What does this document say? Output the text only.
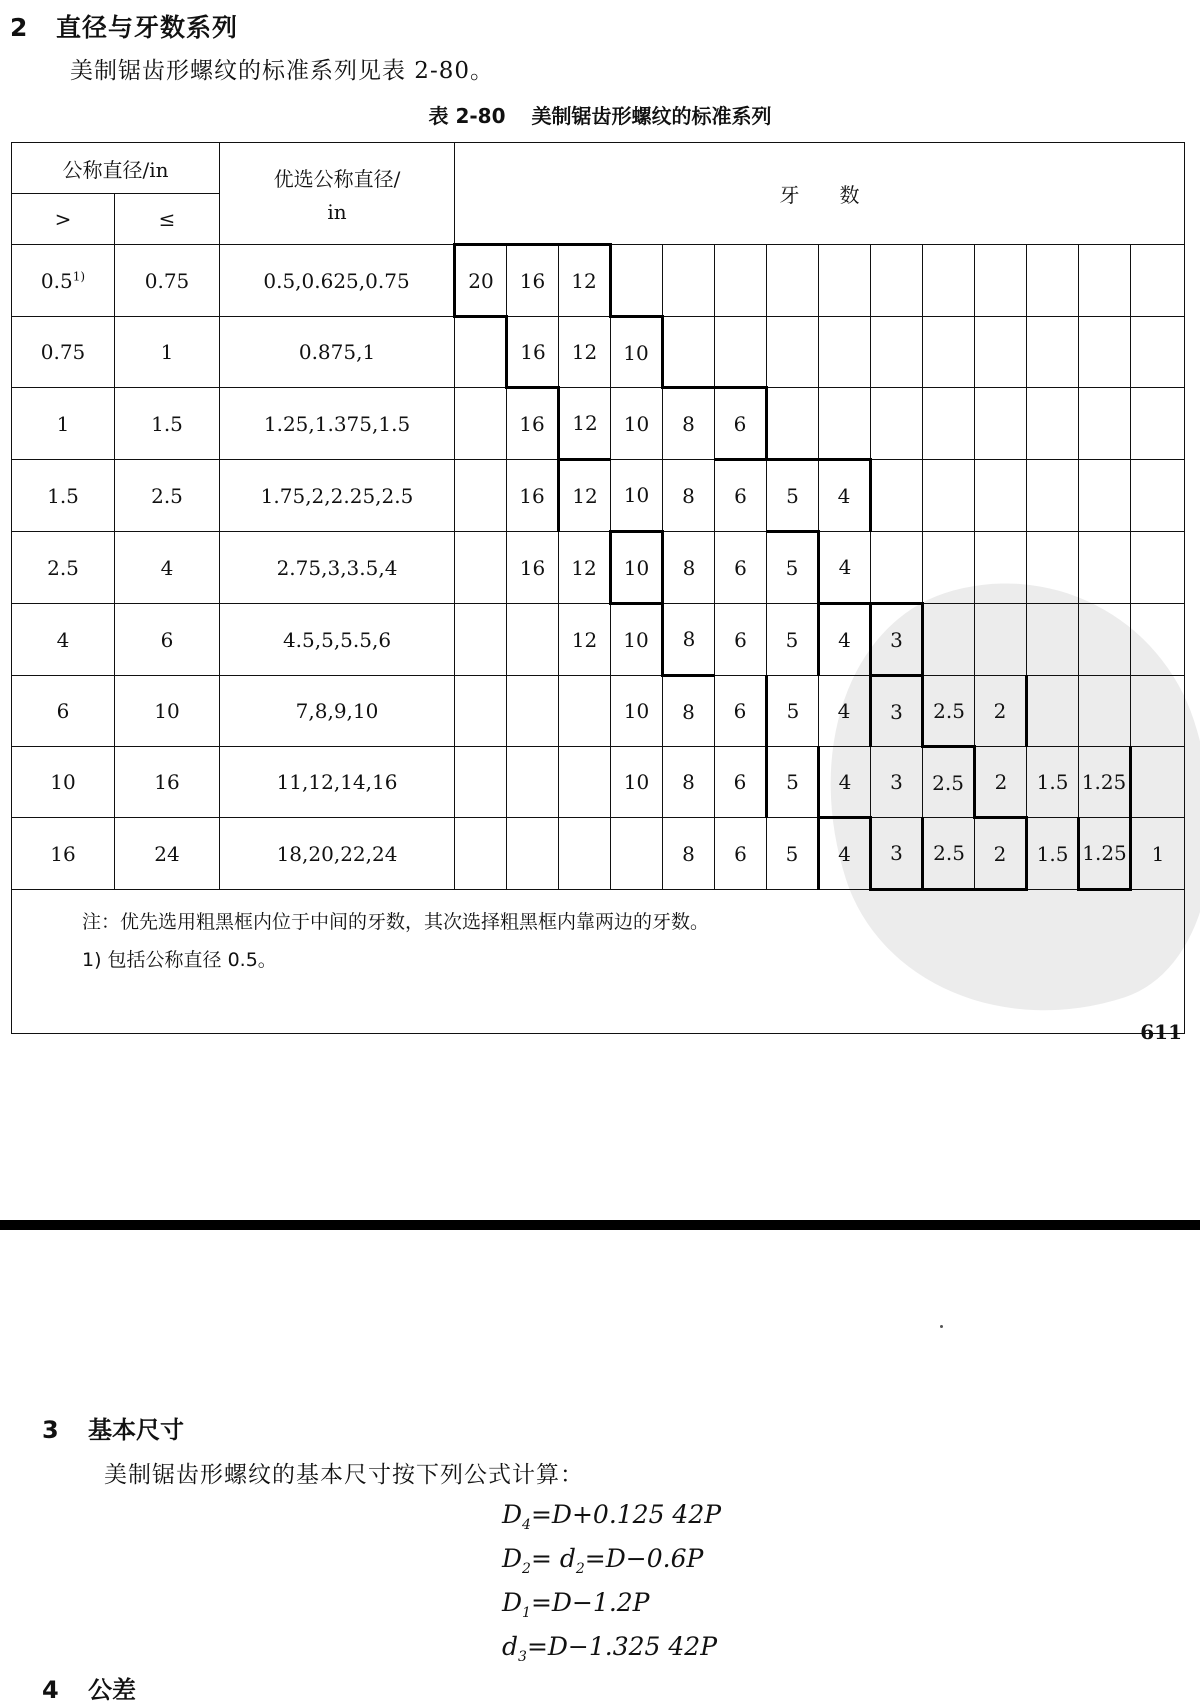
2 直径与牙数系列
美制锯齿形螺纹的标准系列见表 2-80。
表 2-80 美制锯齿形螺纹的标准系列
公称直径/in		优选公称直径/
in	牙　　数													
>	≤															
0.5$^{1)}$	0.75	0.5,0.625,0.75	20	16	12											
0.75	1	0.875,1		16	12	10										
1	1.5	1.25,1.375,1.5		16	12	10	8	6								
1.5	2.5	1.75,2,2.25,2.5		16	12	10	8	6	5	4						
2.5	4	2.75,3,3.5,4		16	12	10	8	6	5	4						
4	6	4.5,5,5.5,6			12	10	8	6	5	4	3					
6	10	7,8,9,10				10	8	6	5	4	3	2.5	2			
10	16	11,12,14,16				10	8	6	5	4	3	2.5	2	1.5	1.25	
16	24	18,20,22,24					8	6	5	4	3	2.5	2	1.5	1.25	1

注：优先选用粗黑框内位于中间的牙数，其次选择粗黑框内靠两边的牙数。
1) 包括公称直径 0.5。																
611
3 基本尺寸
美制锯齿形螺纹的基本尺寸按下列公式计算：
$D_4=D+0.125$ 42P
$D_2= d_2=D-0.6P$
$D_1=D-1.2P$
$d_3=D-1.325$ 42P
4 公差
